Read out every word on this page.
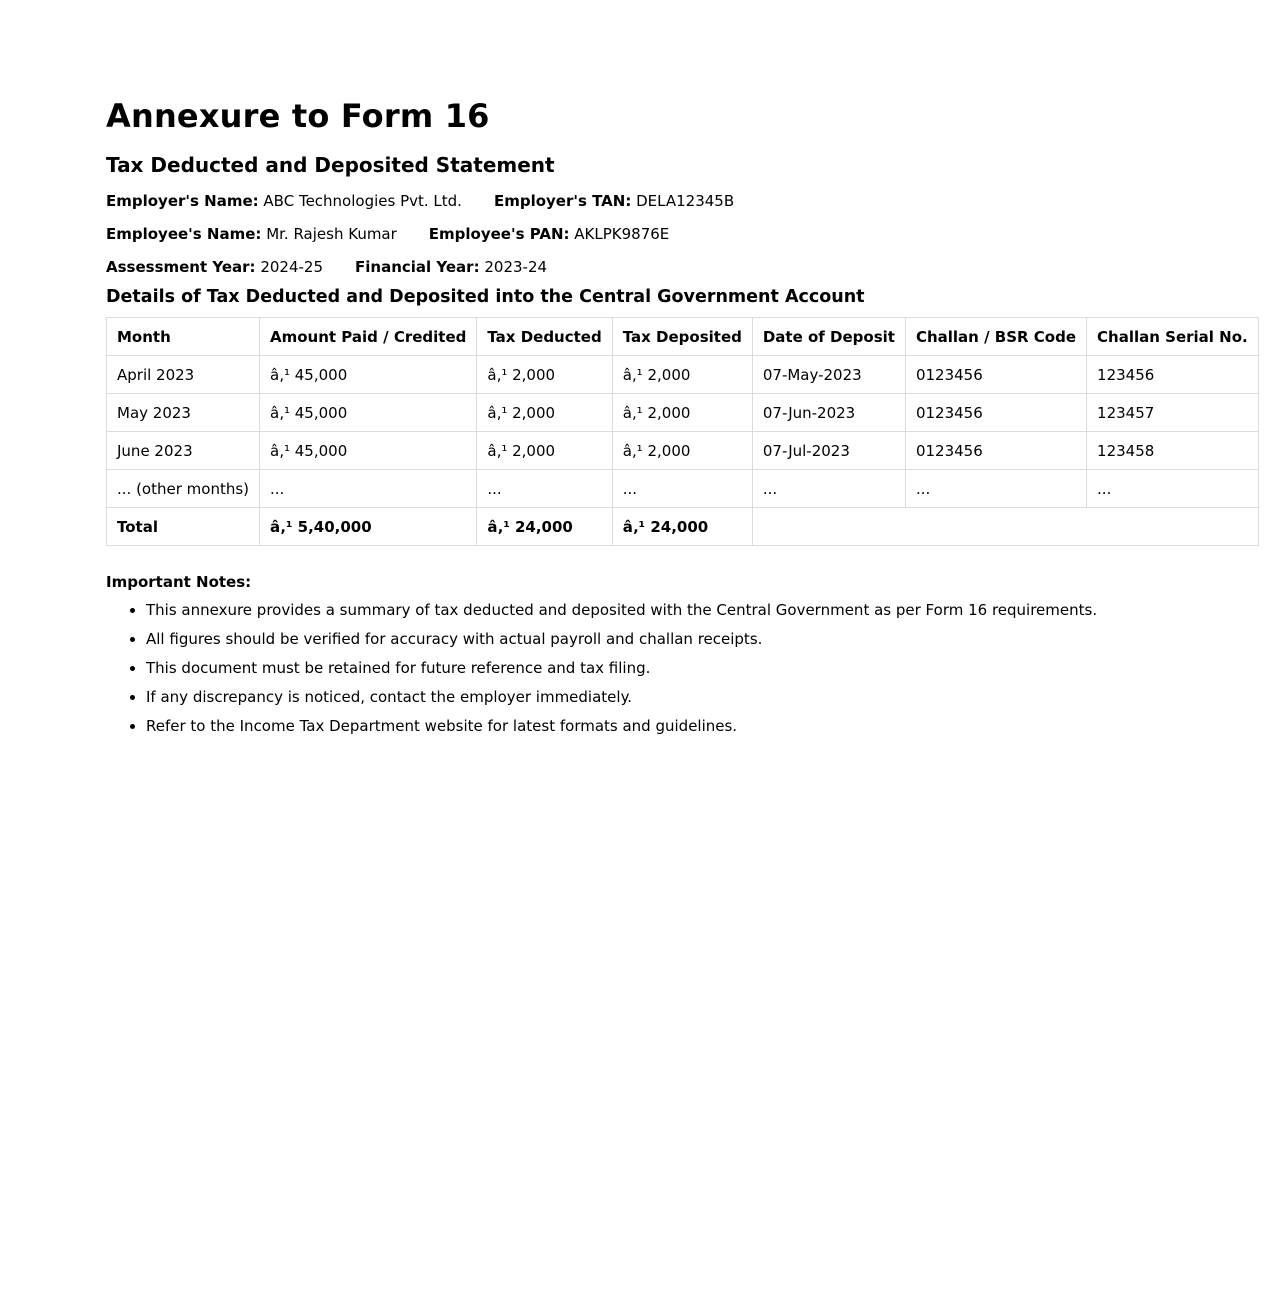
Annexure to Form 16
Tax Deducted and Deposited Statement
Employer's Name: ABC Technologies Pvt. Ltd. Employer's TAN: DELA12345B
Employee's Name: Mr. Rajesh Kumar Employee's PAN: AKLPK9876E
Assessment Year: 2024-25 Financial Year: 2023-24
Details of Tax Deducted and Deposited into the Central Government Account
Month	Amount Paid / Credited	Tax Deducted	Tax Deposited	Date of Deposit	Challan / BSR Code	Challan Serial No.
April 2023	â‚¹ 45,000	â‚¹ 2,000	â‚¹ 2,000	07-May-2023	0123456	123456
May 2023	â‚¹ 45,000	â‚¹ 2,000	â‚¹ 2,000	07-Jun-2023	0123456	123457
June 2023	â‚¹ 45,000	â‚¹ 2,000	â‚¹ 2,000	07-Jul-2023	0123456	123458
... (other months)	...	...	...	...	...	...
Total	â‚¹ 5,40,000	â‚¹ 24,000	â‚¹ 24,000			

Important Notes:

• This annexure provides a summary of tax deducted and deposited with the Central Government as per Form 16 requirements.
• All figures should be verified for accuracy with actual payroll and challan receipts.
• This document must be retained for future reference and tax filing.
• If any discrepancy is noticed, contact the employer immediately.
• Refer to the Income Tax Department website for latest formats and guidelines.
